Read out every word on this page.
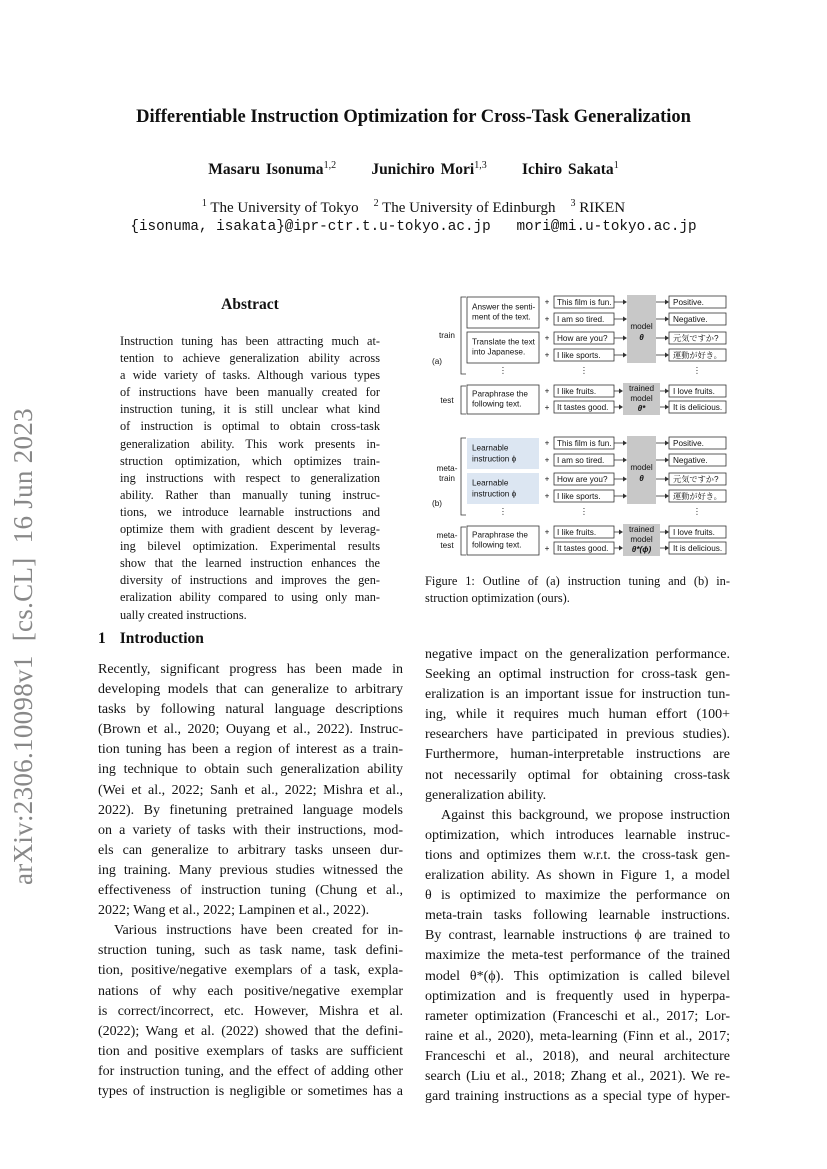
Differentiable Instruction Optimization for Cross-Task Generalization
Masaru Isonuma$^{1,2}$ Junichiro Mori$^{1,3}$ Ichiro Sakata$^1$
$^1$ The University of Tokyo $^2$ The University of Edinburgh $^3$ RIKEN
{isonuma, isakata}@ipr-ctr.t.u-tokyo.ac.jp mori@mi.u-tokyo.ac.jp
arXiv:2306.10098v1  [cs.CL]  16 Jun 2023
Abstract
Instruction tuning has been attracting much at-
tention to achieve generalization ability across
a wide variety of tasks. Although various types
of instructions have been manually created for
instruction tuning, it is still unclear what kind
of instruction is optimal to obtain cross-task
generalization ability. This work presents in-
struction optimization, which optimizes train-
ing instructions with respect to generalization
ability. Rather than manually tuning instruc-
tions, we introduce learnable instructions and
optimize them with gradient descent by leverag-
ing bilevel optimization. Experimental results
show that the learned instruction enhances the
diversity of instructions and improves the gen-
eralization ability compared to using only man-
ually created instructions.
1 Introduction
Recently, significant progress has been made in
developing models that can generalize to arbitrary
tasks by following natural language descriptions
(Brown et al., 2020; Ouyang et al., 2022). Instruc-
tion tuning has been a region of interest as a train-
ing technique to obtain such generalization ability
(Wei et al., 2022; Sanh et al., 2022; Mishra et al.,
2022). By finetuning pretrained language models
on a variety of tasks with their instructions, mod-
els can generalize to arbitrary tasks unseen dur-
ing training. Many previous studies witnessed the
effectiveness of instruction tuning (Chung et al.,
2022; Wang et al., 2022; Lampinen et al., 2022).
Various instructions have been created for in-
struction tuning, such as task name, task defini-
tion, positive/negative exemplars of a task, expla-
nations of why each positive/negative exemplar
is correct/incorrect, etc. However, Mishra et al.
(2022); Wang et al. (2022) showed that the defini-
tion and positive exemplars of tasks are sufficient
for instruction tuning, and the effect of adding other
types of instruction is negligible or sometimes has a
negative impact on the generalization performance.
Seeking an optimal instruction for cross-task gen-
eralization is an important issue for instruction tun-
ing, while it requires much human effort (100+
researchers have participated in previous studies).
Furthermore, human-interpretable instructions are
not necessarily optimal for obtaining cross-task
generalization ability.
Against this background, we propose instruction
optimization, which introduces learnable instruc-
tions and optimizes them w.r.t. the cross-task gen-
eralization ability. As shown in Figure 1, a model
θ is optimized to maximize the performance on
meta-train tasks following learnable instructions.
By contrast, learnable instructions ϕ are trained to
maximize the meta-test performance of the trained
model θ*(ϕ). This optimization is called bilevel
optimization and is frequently used in hyperpa-
rameter optimization (Franceschi et al., 2017; Lor-
raine et al., 2020), meta-learning (Finn et al., 2017;
Franceschi et al., 2018), and neural architecture
search (Liu et al., 2018; Zhang et al., 2021). We re-
gard training instructions as a special type of hyper-
train
(a)
Answer the senti-
ment of the text.
Translate the text
into Japanese.
+
+
+
+
This film is fun.
I am so tired.
How are you?
I like sports.
model
θ
Positive.
Negative.
元気ですか?
運動が好き。
⋮	⋮	⋮
test
Paraphrase the
following text.
+
+
I like fruits.
It tastes good.
trained
model
θ*
I love fruits.
It is delicious.
meta-
train
(b)
Learnable
instruction ϕ
Learnable
instruction ϕ
+
+
+
+
This film is fun.
I am so tired.
How are you?
I like sports.
model
θ
Positive.
Negative.
元気ですか?
運動が好き。
⋮	⋮	⋮
meta-
test
Paraphrase the
following text.
+
+
I like fruits.
It tastes good.
trained
model
θ*(ϕ)
I love fruits.
It is delicious.
Figure 1: Outline of (a) instruction tuning and (b) in-
struction optimization (ours).
